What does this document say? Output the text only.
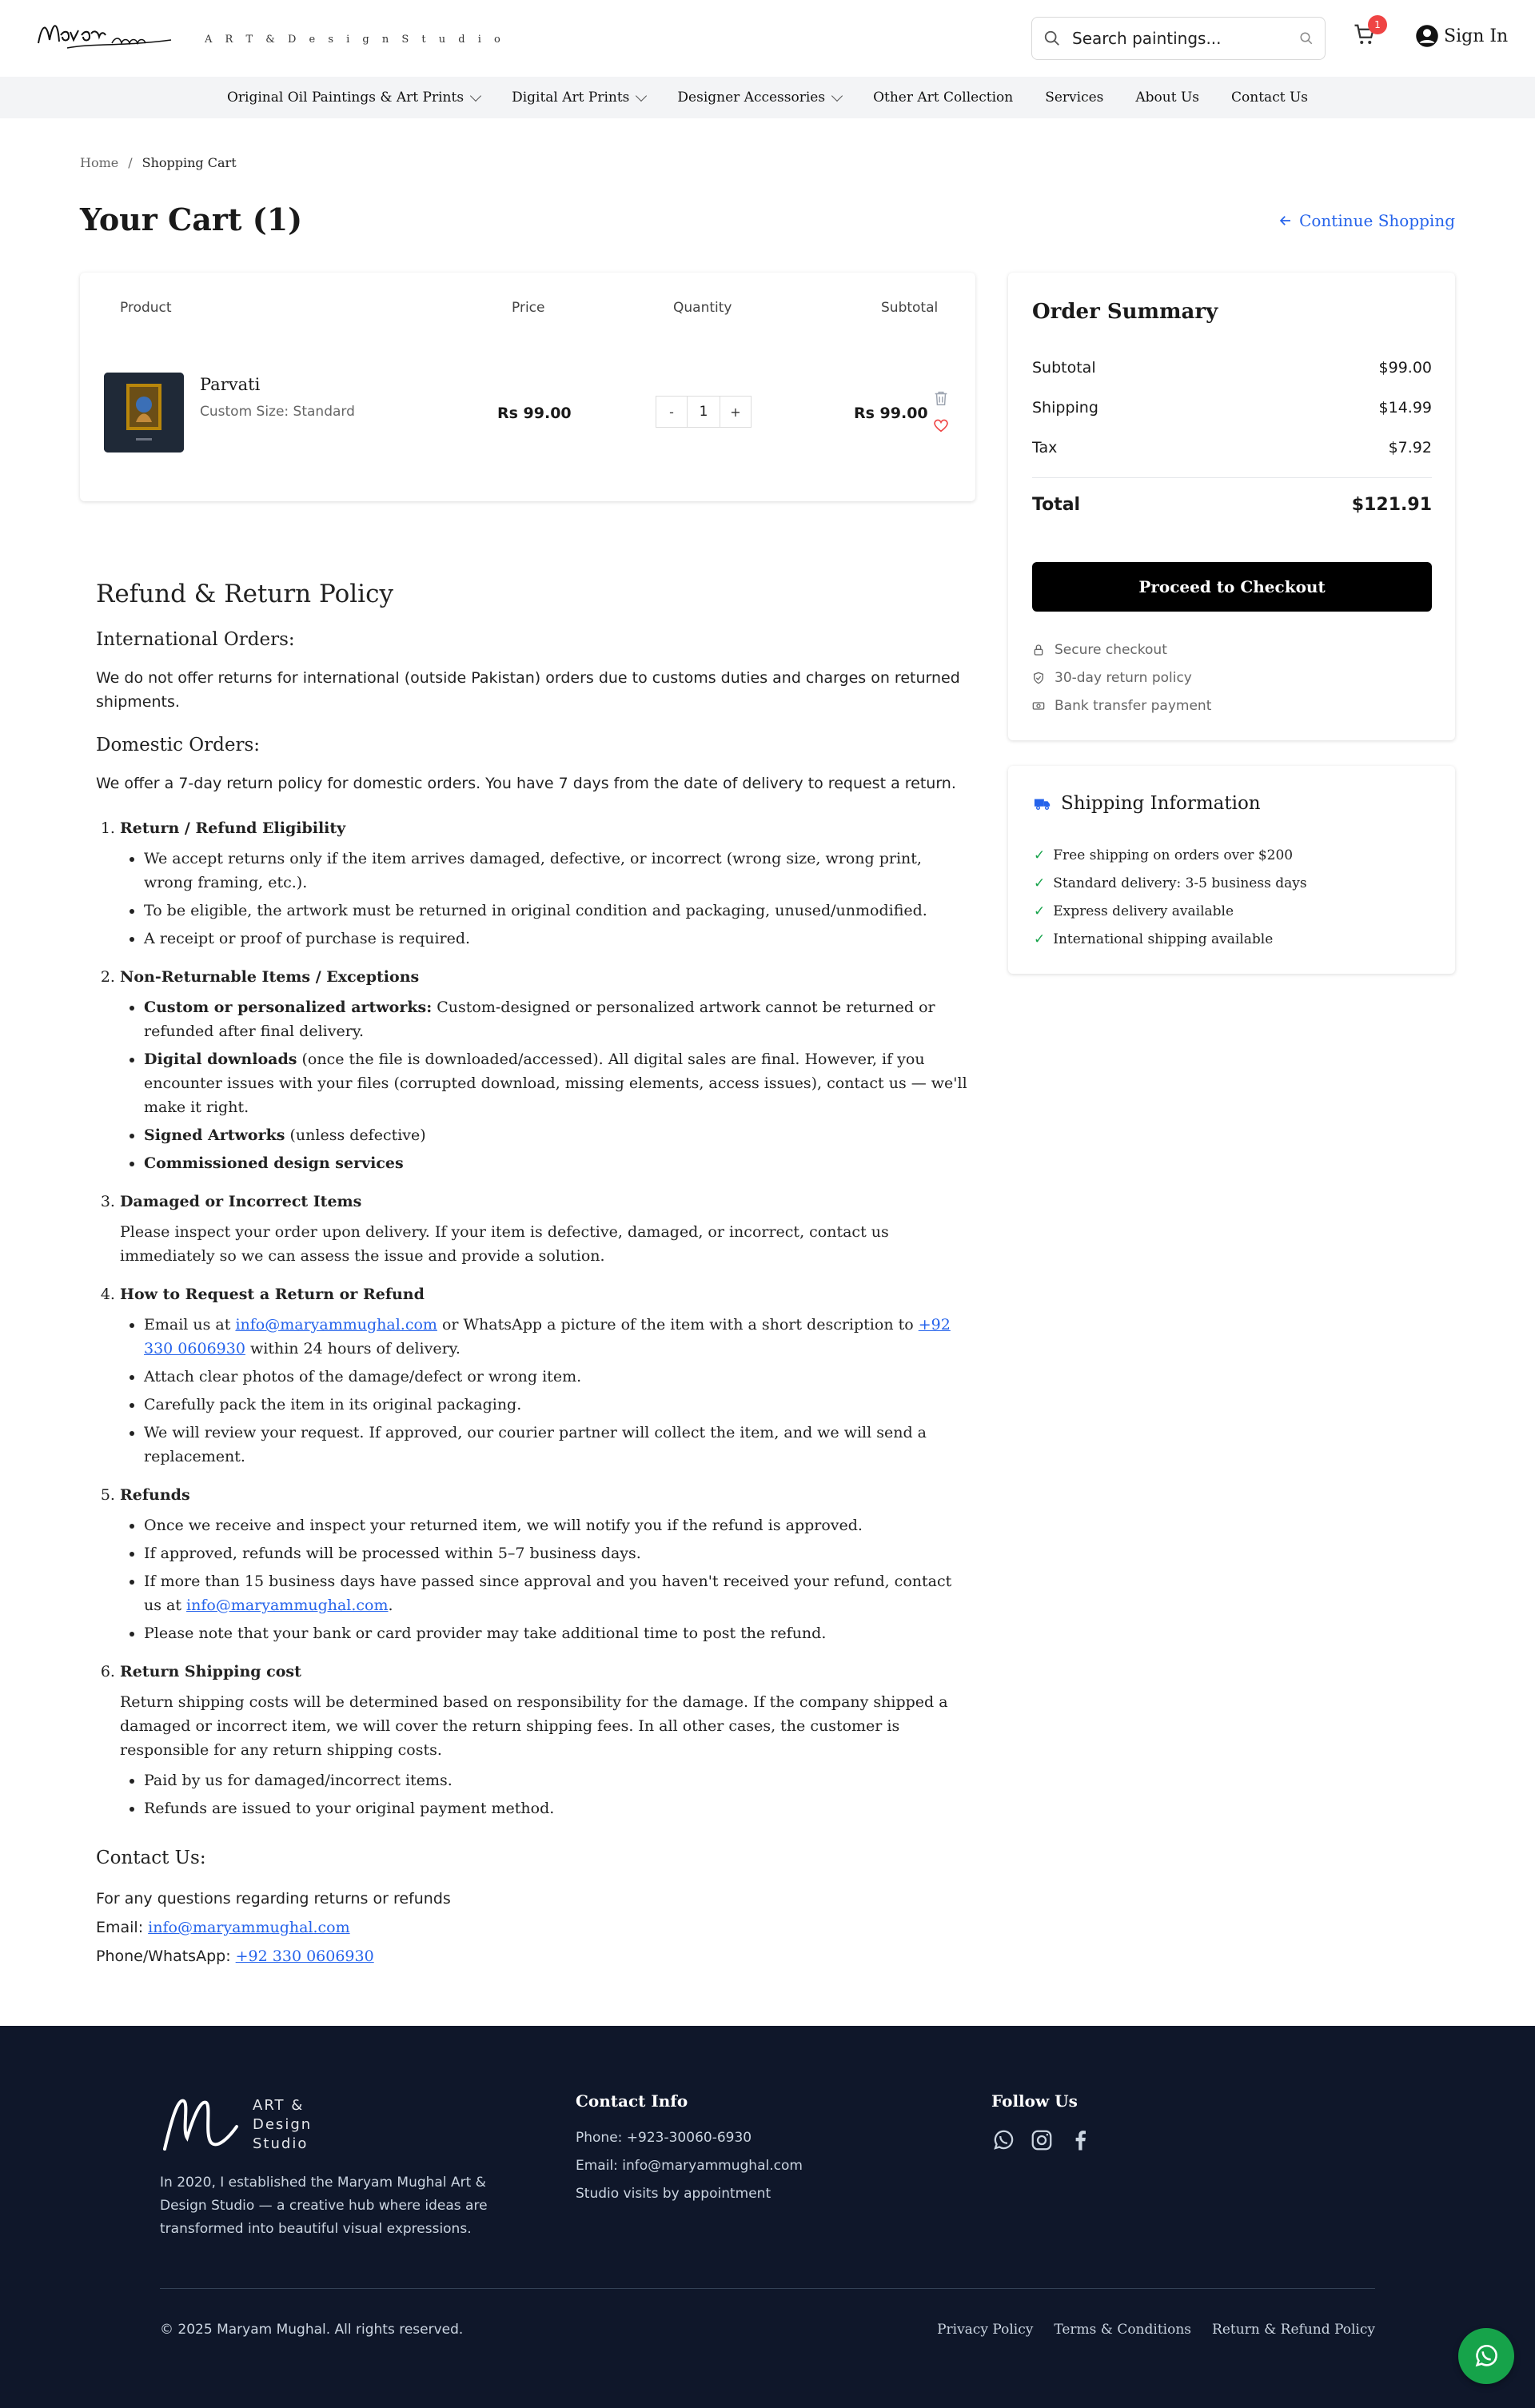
A R T & D e s i g n S t u d i o
Search paintings...
1
Sign In
Original Oil Paintings & Art Prints	Digital Art Prints	Designer Accessories	Other Art Collection Services About Us Contact Us
Home / Shopping Cart
Your Cart (1)	Continue Shopping
Product	Price	Quantity	Subtotal
Parvati
Custom Size: Standard	Rs 99.00	-	1	+	Rs 99.00
Order Summary
Subtotal	$99.00
Shipping	$14.99
Tax	$7.92
Total	$121.91
Proceed to Checkout
Secure checkout
30-day return policy
Bank transfer payment
Shipping Information
✓ Free shipping on orders over $200
✓ Standard delivery: 3-5 business days
✓ Express delivery available
✓ International shipping available
Refund & Return Policy
International Orders:

We do not offer returns for international (outside Pakistan) orders due to customs duties and charges on returned shipments.

Domestic Orders:

We offer a 7-day return policy for domestic orders. You have 7 days from the date of delivery to request a return.

1. Return / Refund Eligibility
• We accept returns only if the item arrives damaged, defective, or incorrect (wrong size, wrong print, wrong framing, etc.).
• To be eligible, the artwork must be returned in original condition and packaging, unused/unmodified.
• A receipt or proof of purchase is required.
2. Non-Returnable Items / Exceptions
• Custom or personalized artworks: Custom-designed or personalized artwork cannot be returned or refunded after final delivery.
• Digital downloads (once the file is downloaded/accessed). All digital sales are final. However, if you encounter issues with your files (corrupted download, missing elements, access issues), contact us — we'll make it right.
• Signed Artworks (unless defective)
• Commissioned design services
3. Damaged or Incorrect Items
Please inspect your order upon delivery. If your item is defective, damaged, or incorrect, contact us immediately so we can assess the issue and provide a solution.
4. How to Request a Return or Refund
• Email us at info@maryammughal.com or WhatsApp a picture of the item with a short description to +92 330 0606930 within 24 hours of delivery.
• Attach clear photos of the damage/defect or wrong item.
• Carefully pack the item in its original packaging.
• We will review your request. If approved, our courier partner will collect the item, and we will send a replacement.
5. Refunds
• Once we receive and inspect your returned item, we will notify you if the refund is approved.
• If approved, refunds will be processed within 5–7 business days.
• If more than 15 business days have passed since approval and you haven't received your refund, contact us at info@maryammughal.com.
• Please note that your bank or card provider may take additional time to post the refund.
6. Return Shipping cost
Return shipping costs will be determined based on responsibility for the damage. If the company shipped a damaged or incorrect item, we will cover the return shipping fees. In all other cases, the customer is responsible for any return shipping costs.
• Paid by us for damaged/incorrect items.
• Refunds are issued to your original payment method.
Contact Us:
For any questions regarding returns or refunds
Email: info@maryammughal.com
Phone/WhatsApp: +92 330 0606930
ART &
Design
Studio
In 2020, I established the Maryam Mughal Art & Design Studio — a creative hub where ideas are transformed into beautiful visual expressions.
Contact Info
Phone: +923-30060-6930
Email: info@maryammughal.com
Studio visits by appointment
Follow Us
© 2025 Maryam Mughal. All rights reserved.	Privacy Policy Terms & Conditions Return & Refund Policy
